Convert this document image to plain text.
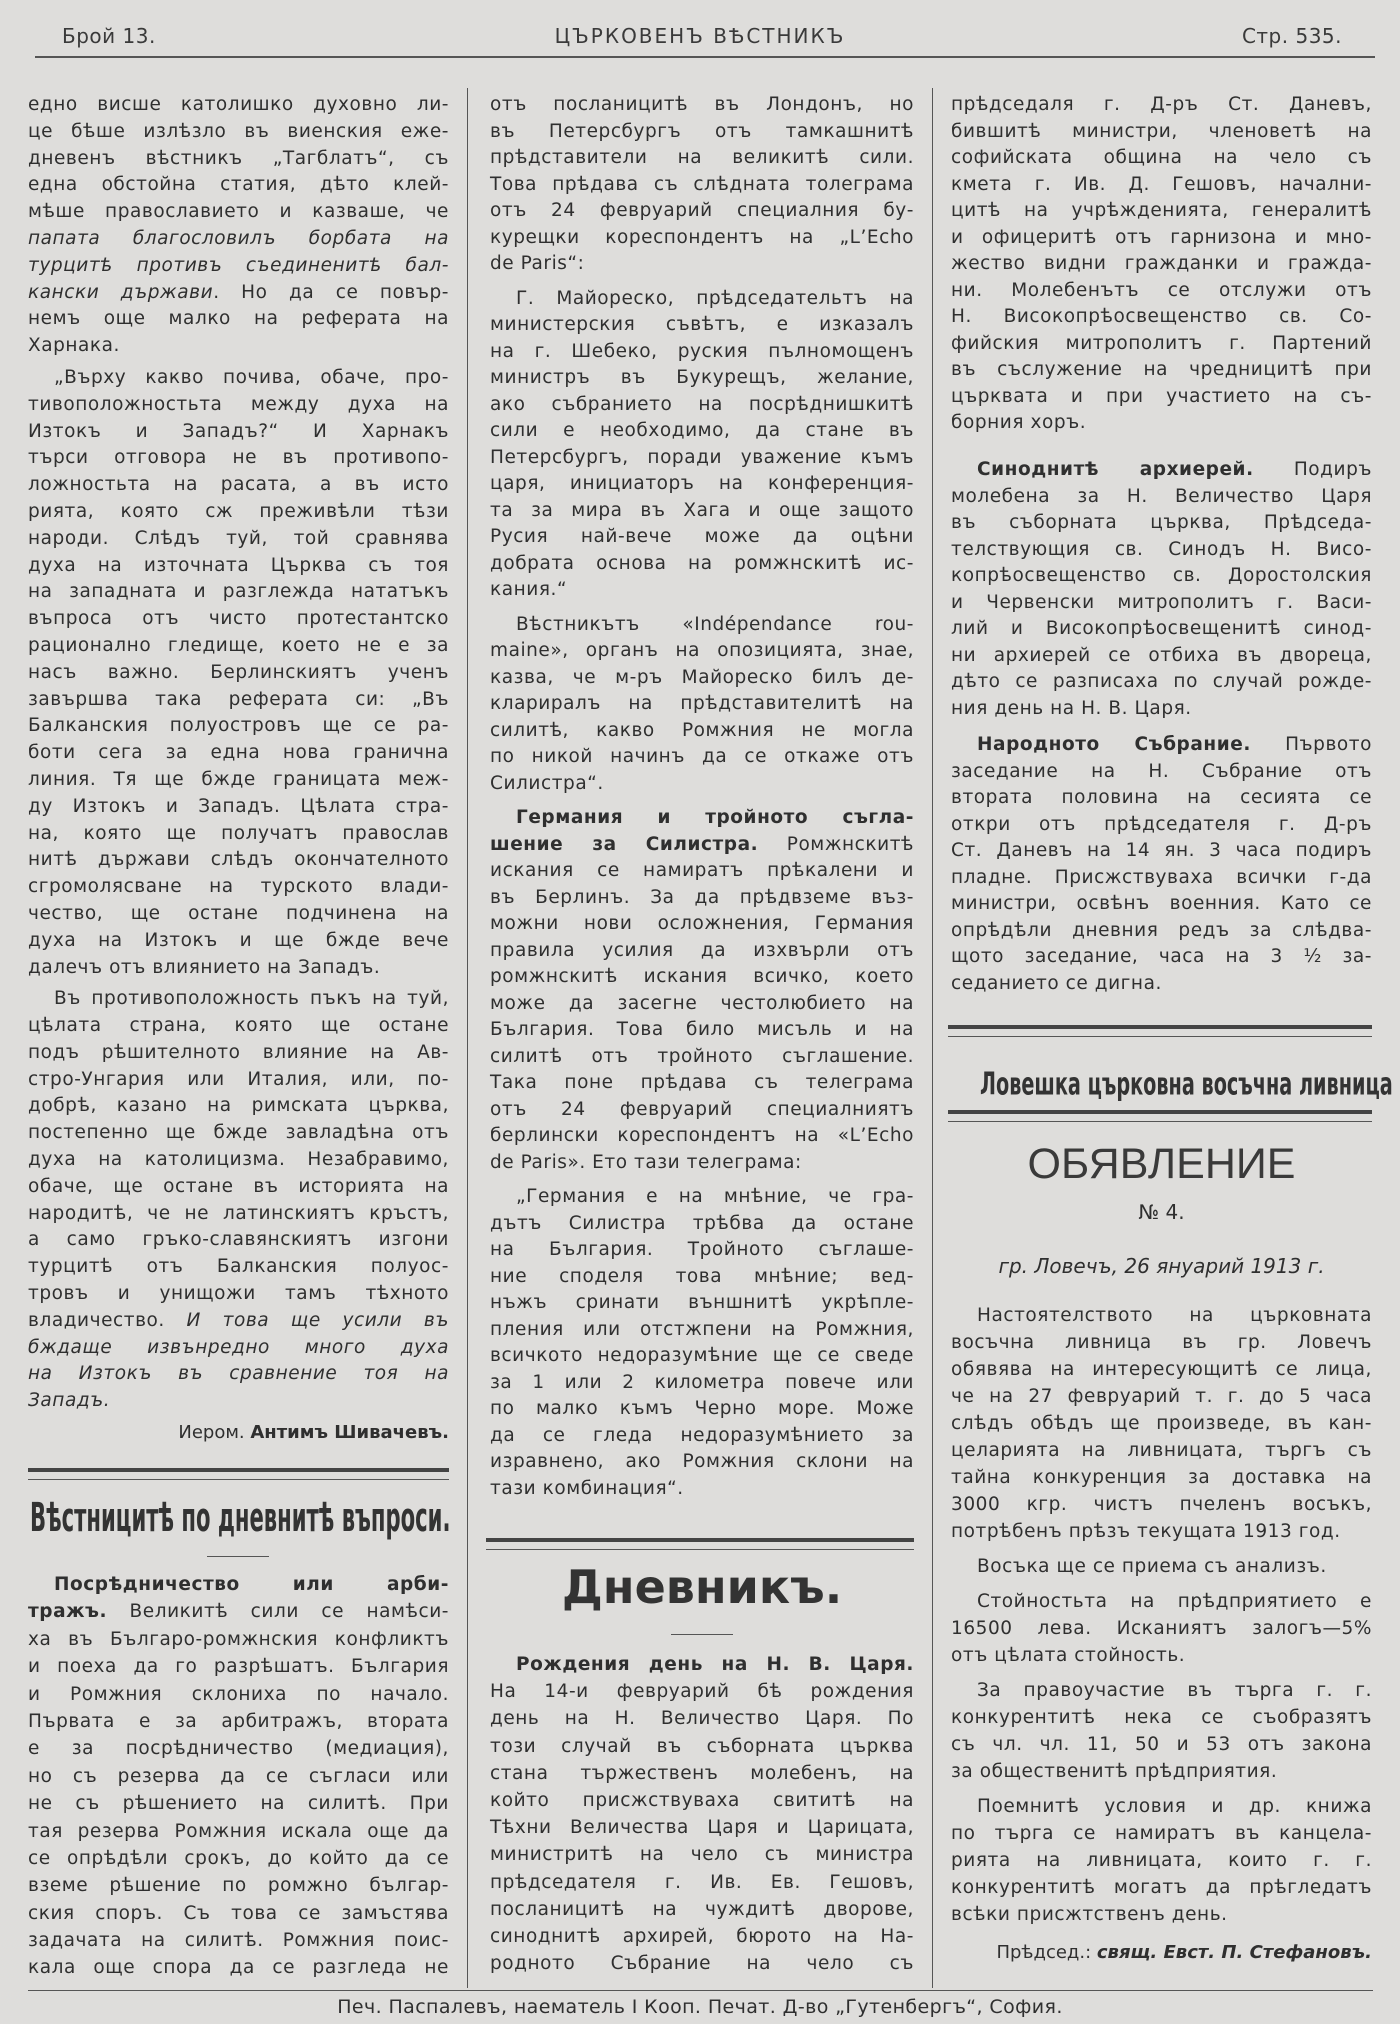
Брой 13.	ЦЪРКОВЕНЪ ВѢСТНИКЪ	Стр. 535.
едно висше католишко духовно ли-
це бѣше излѣзло въ виенския еже-
дневенъ вѣстникъ „Тагблатъ“, съ
една обстойна статия, дѣто клей-
мѣше православието и казваше, че
папата благословилъ борбата на
турцитѣ противъ съединенитѣ бал-
кански държави. Но да се повър-
немъ още малко на реферата на
Харнака.
„Върху какво почива, обаче, про-
тивоположностьта между духа на
Изтокъ и Западъ?“ И Харнакъ
търси отговора не въ противопо-
ложностьта на расата, а въ исто
рията, която сж преживѣли тѣзи
народи. Слѣдъ туй, той сравнява
духа на източната Църква съ тоя
на западната и разглежда нататъкъ
въпроса отъ чисто протестантско
рационално гледище, което не е за
насъ важно. Берлинскиятъ ученъ
завършва така реферата си: „Въ
Балканския полуостровъ ще се ра-
боти сега за една нова гранична
линия. Тя ще бжде границата меж-
ду Изтокъ и Западъ. Цѣлата стра-
на, която ще получатъ православ
нитѣ държави слѣдъ окончателното
сгромолясване на турското влади-
чество, ще остане подчинена на
духа на Изтокъ и ще бжде вече
далечъ отъ влиянието на Западъ.
Въ противоположность пъкъ на туй,
цѣлата страна, която ще остане
подъ рѣшителното влияние на Ав-
стро-Унгария или Италия, или, по-
добрѣ, казано на римската църква,
постепенно ще бжде завладѣна отъ
духа на католицизма. Незабравимо,
обаче, ще остане въ историята на
народитѣ, че не латинскиятъ кръстъ,
а само гръко-славянскиятъ изгони
турцитѣ отъ Балканския полуос-
тровъ и унищожи тамъ тѣхното
владичество. И това ще усили въ
бждаще извънредно много духа
на Изтокъ въ сравнение тоя на
Западъ.
Иером. Антимъ Шивачевъ.
Вѣстницитѣ по дневнитѣ въпроси.
Посрѣдничество или арби-
тражъ. Великитѣ сили се намѣси-
ха въ Българо-ромжнския конфликтъ
и поеха да го разрѣшатъ. България
и Ромжния склониха по начало.
Първата е за арбитражъ, втората
е за посрѣдничество (медиация),
но съ резерва да се съгласи или
не съ рѣшението на силитѣ. При
тая резерва Ромжния искала още да
се опрѣдѣли срокъ, до който да се
вземе рѣшение по ромжно българ-
ския споръ. Съ това се замъстява
задачата на силитѣ. Ромжния поис-
кала още спора да се разгледа не
отъ посланицитѣ въ Лондонъ, но
въ Петерсбургъ отъ тамкашнитѣ
прѣдставители на великитѣ сили.
Това прѣдава съ слѣдната толеграма
отъ 24 февруарий специалния бу-
курещки кореспондентъ на „L’Echo
de Paris“:
Г. Майореско, прѣдседательтъ на
министерския съвѣтъ, е изказалъ
на г. Шебеко, руския пълномощенъ
министръ въ Букурещъ, желание,
ако събранието на посрѣднишкитѣ
сили е необходимо, да стане въ
Петерсбургъ, поради уважение къмъ
царя, инициаторъ на конференция-
та за мира въ Хага и още защото
Русия най-вече може да оцѣни
добрата основа на ромжнскитѣ ис-
кания.“
Вѣстникътъ «Indépendance rou-
maine», органъ на опозицията, знае,
казва, че м-ръ Майореско билъ де-
клариралъ на прѣдставителитѣ на
силитѣ, какво Ромжния не могла
по никой начинъ да се откаже отъ
Силистра“.
Германия и тройното съгла-
шение за Силистра. Ромжнскитѣ
искания се намиратъ прѣкалени и
въ Берлинъ. За да прѣдвземе въз-
можни нови осложнения, Германия
правила усилия да изхвърли отъ
ромжнскитѣ искания всичко, което
може да засегне честолюбието на
България. Това било мисъль и на
силитѣ отъ тройното съглашение.
Така поне прѣдава съ телеграма
отъ 24 февруарий специалниятъ
берлински кореспондентъ на «L’Echo
de Paris». Ето тази телеграма:
„Германия е на мнѣние, че гра-
дътъ Силистра трѣбва да остане
на България. Тройното съглаше-
ние споделя това мнѣние; вед-
нъжъ сринати външнитѣ укрѣпле-
пления или отстжпени на Ромжния,
всичкото недоразумѣние ще се сведе
за 1 или 2 километра повече или
по малко къмъ Черно море. Може
да се гледа недоразумѣнието за
изравнено, ако Ромжния склони на
тази комбинация“.
Дневникъ.
Рождения день на Н. В. Царя.
На 14-и февруарий бѣ рождения
день на Н. Величество Царя. По
този случай въ съборната църква
стана тържественъ молебенъ, на
който присжствуваха свититѣ на
Тѣхни Величества Царя и Царицата,
министритѣ на чело съ министра
прѣдседателя г. Ив. Ев. Гешовъ,
посланицитѣ на чуждитѣ дворове,
синоднитѣ архирей, бюрото на На-
родното Събрание на чело съ
прѣдседаля г. Д-ръ Ст. Даневъ,
бившитѣ министри, членоветѣ на
софийската община на чело съ
кмета г. Ив. Д. Гешовъ, начални-
цитѣ на учрѣжденията, генералитѣ
и офицеритѣ отъ гарнизона и мно-
жество видни гражданки и гражда-
ни. Молебенътъ се отслужи отъ
Н. Високопрѣосвещенство св. Со-
фийския митрополитъ г. Партений
въ съслужение на чредницитѣ при
църквата и при участието на съ-
борния хоръ.
Синоднитѣ архиерей. Подиръ
молебена за Н. Величество Царя
въ съборната църква, Прѣдседа-
телствующия св. Синодъ Н. Висо-
копрѣосвещенство св. Доростолския
и Червенски митрополитъ г. Васи-
лий и Високопрѣосвещенитѣ синод-
ни архиерей се отбиха въ двореца,
дѣто се разписаха по случай рожде-
ния день на Н. В. Царя.
Народното Събрание. Първото
заседание на Н. Събрание отъ
втората половина на сесията се
откри отъ прѣдседателя г. Д-ръ
Ст. Даневъ на 14 ян. 3 часа подиръ
пладне. Присжствуваха всички г-да
министри, освѣнъ военния. Като се
опрѣдѣли дневния редъ за слѣдва-
щото заседание, часа на 3 ½ за-
седанието се дигна.
Ловешка църковна восъчна ливница
ОБЯВЛЕНИЕ
№ 4.
гр. Ловечъ, 26 януарий 1913 г.
Настоятелството на църковната
восъчна ливница въ гр. Ловечъ
обявява на интересующитѣ се лица,
че на 27 февруарий т. г. до 5 часа
слѣдъ обѣдъ ще произведе, въ кан-
целарията на ливницата, търгъ съ
тайна конкуренция за доставка на
3000 кгр. чистъ пчеленъ восъкъ,
потрѣбенъ прѣзъ текущата 1913 год.
Восъка ще се приема съ анализъ.
Стойностьта на прѣдприятието е
16500 лева. Исканиятъ залогъ—5%
отъ цѣлата стойность.
За правоучастие въ търга г. г.
конкурентитѣ нека се съобразятъ
съ чл. чл. 11, 50 и 53 отъ закона
за общественитѣ прѣдприятия.
Поемнитѣ условия и др. книжа
по търга се намиратъ въ канцела-
рията на ливницата, които г. г.
конкурентитѣ могатъ да прѣгледатъ
всѣки присжтственъ день.
Прѣдсед.: свящ. Евст. П. Стефановъ.
Печ. Паспалевъ, наематель I Кооп. Печат. Д-во „Гутенбергъ“, София.
